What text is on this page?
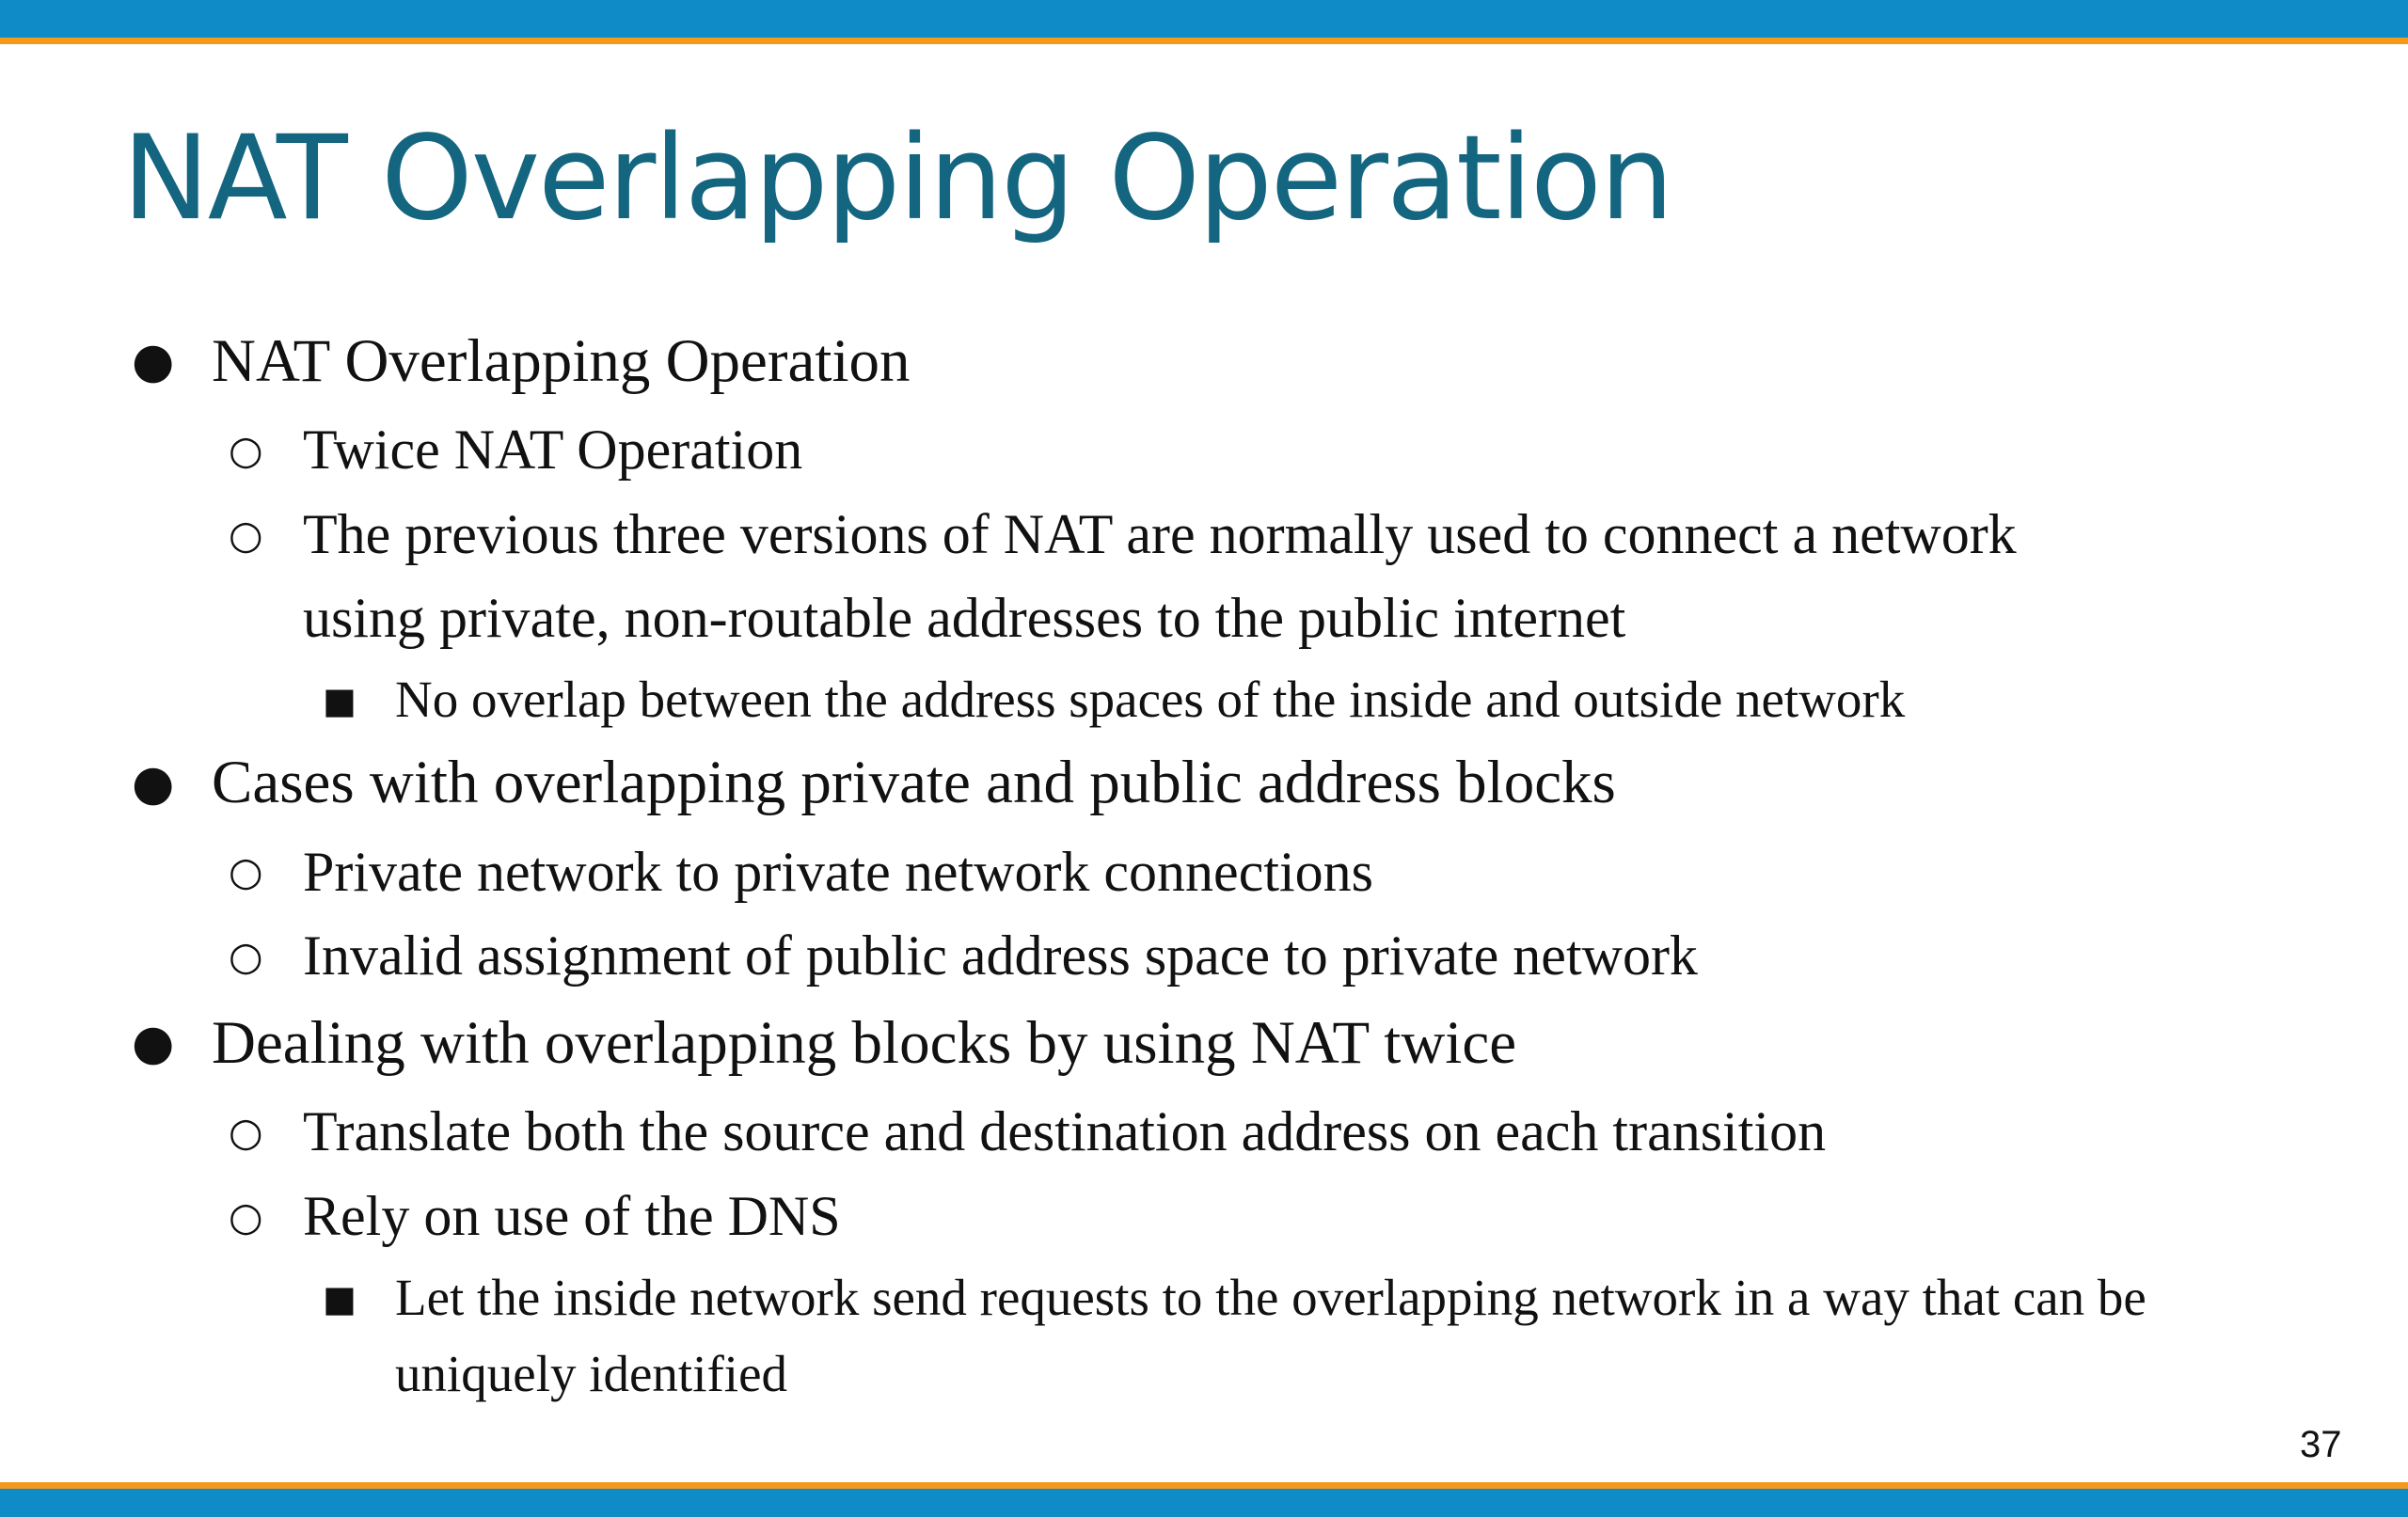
NAT Overlapping Operation
● NAT Overlapping Operation
○ Twice NAT Operation
○ The previous three versions of NAT are normally used to connect a network
using private, non-routable addresses to the public internet
■ No overlap between the address spaces of the inside and outside network
● Cases with overlapping private and public address blocks
○ Private network to private network connections
○ Invalid assignment of public address space to private network
● Dealing with overlapping blocks by using NAT twice
○ Translate both the source and destination address on each transition
○ Rely on use of the DNS
■ Let the inside network send requests to the overlapping network in a way that can be
uniquely identified
37
